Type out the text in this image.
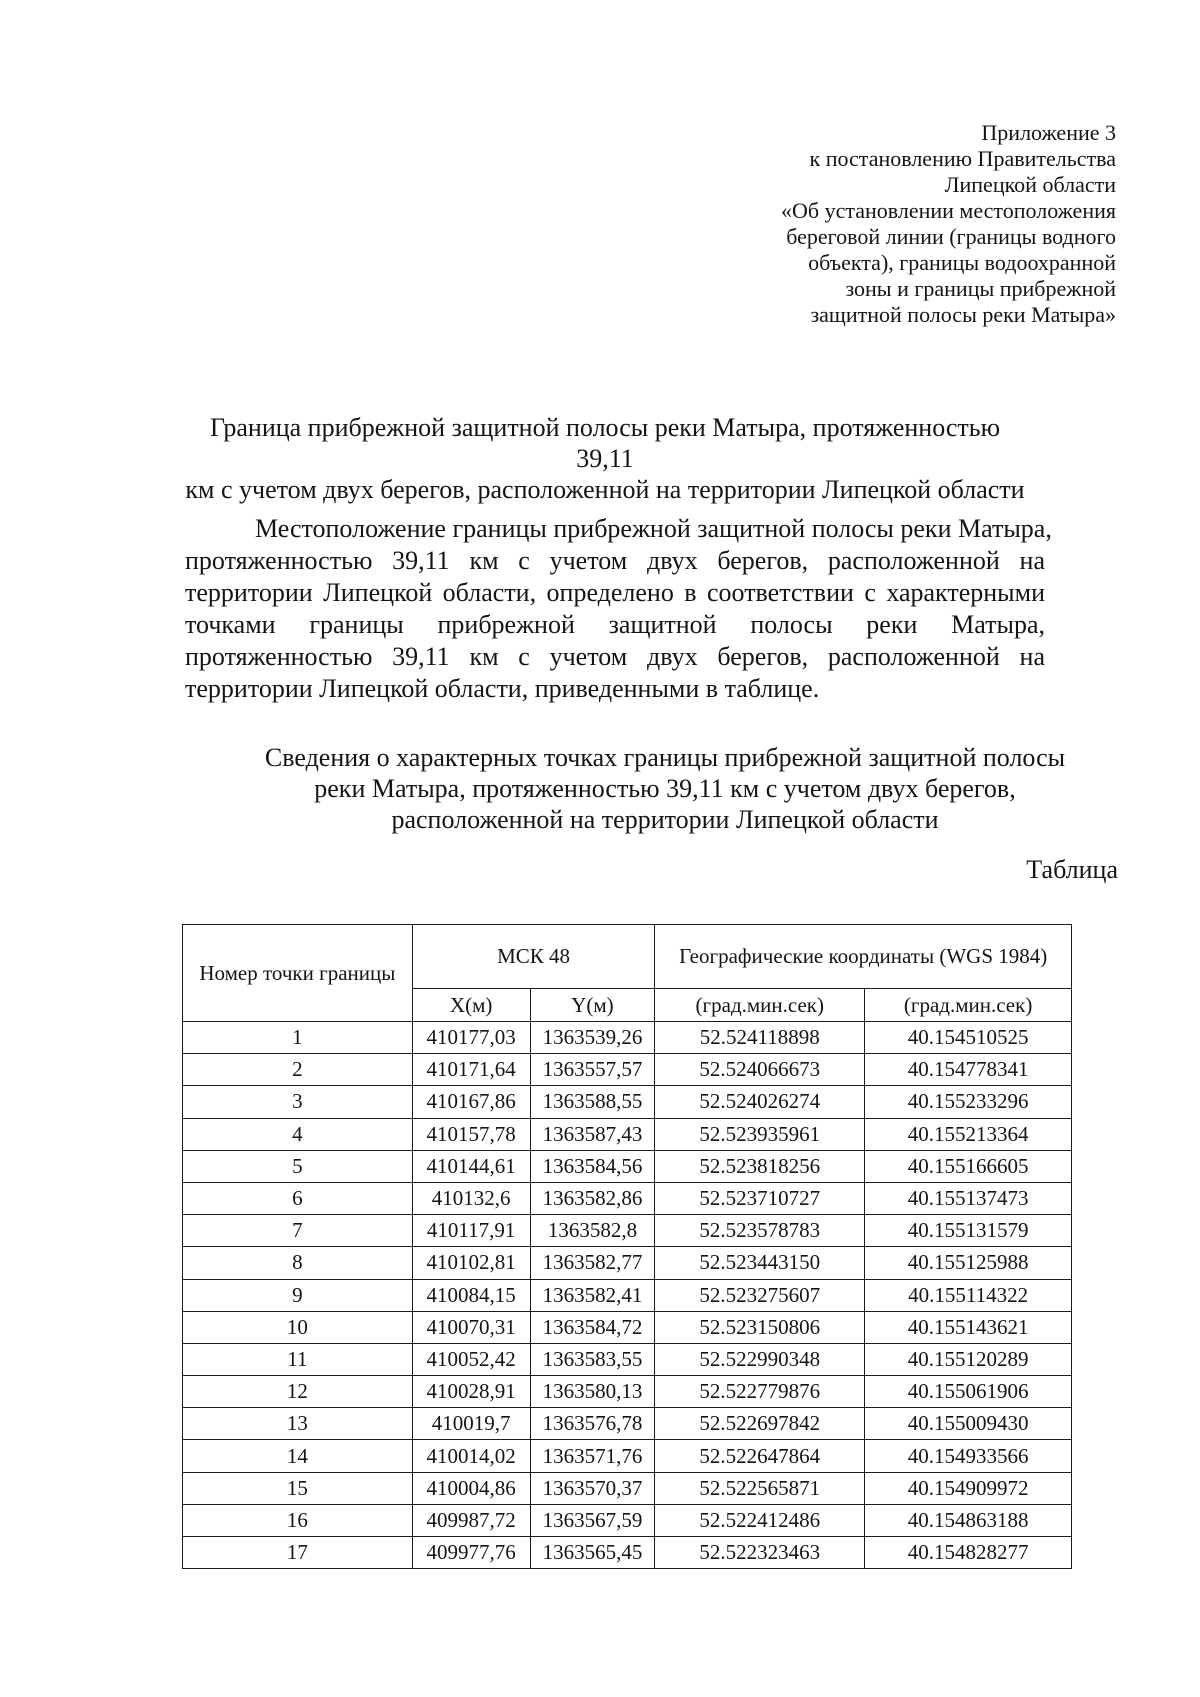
Приложение 3
к постановлению Правительства
Липецкой области
«Об установлении местоположения
береговой линии (границы водного
объекта), границы водоохранной
зоны и границы прибрежной
защитной полосы реки Матыра»
Граница прибрежной защитной полосы реки Матыра, протяженностью 39,11
км с учетом двух берегов, расположенной на территории Липецкой области
Местоположение границы прибрежной защитной полосы реки Матыра,
протяженностью 39,11 км с учетом двух берегов, расположенной на
территории Липецкой области, определено в соответствии с характерными
точками границы прибрежной защитной полосы реки Матыра,
протяженностью 39,11 км с учетом двух берегов, расположенной на
территории Липецкой области, приведенными в таблице.
Сведения о характерных точках границы прибрежной защитной полосы
реки Матыра, протяженностью 39,11 км с учетом двух берегов,
расположенной на территории Липецкой области
Таблица
Номер точки границы	МСК 48		Географические координаты (WGS 1984)	
	X(м)	Y(м)	(град.мин.сек)	(град.мин.сек)
1	410177,03	1363539,26	52.524118898	40.154510525
2	410171,64	1363557,57	52.524066673	40.154778341
3	410167,86	1363588,55	52.524026274	40.155233296
4	410157,78	1363587,43	52.523935961	40.155213364
5	410144,61	1363584,56	52.523818256	40.155166605
6	410132,6	1363582,86	52.523710727	40.155137473
7	410117,91	1363582,8	52.523578783	40.155131579
8	410102,81	1363582,77	52.523443150	40.155125988
9	410084,15	1363582,41	52.523275607	40.155114322
10	410070,31	1363584,72	52.523150806	40.155143621
11	410052,42	1363583,55	52.522990348	40.155120289
12	410028,91	1363580,13	52.522779876	40.155061906
13	410019,7	1363576,78	52.522697842	40.155009430
14	410014,02	1363571,76	52.522647864	40.154933566
15	410004,86	1363570,37	52.522565871	40.154909972
16	409987,72	1363567,59	52.522412486	40.154863188
17	409977,76	1363565,45	52.522323463	40.154828277
